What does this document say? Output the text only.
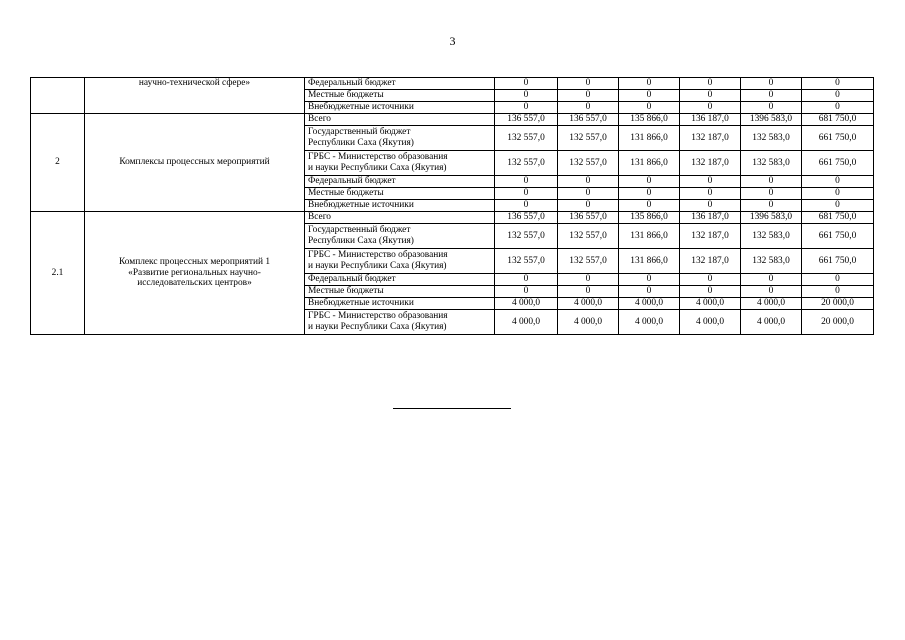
3
	научно-технической сфере»	Федеральный бюджет	0	0	0	0	0	0
		Местные бюджеты	0	0	0	0	0	0
		Внебюджетные источники	0	0	0	0	0	0
2	Комплексы процессных мероприятий	Всего	136 557,0	136 557,0	135 866,0	136 187,0	1396 583,0	681 750,0

		Государственный бюджет
Республики Саха (Якутия)	132 557,0	132 557,0	131 866,0	132 187,0	132 583,0	661 750,0

		ГРБС - Министерство образования
и науки Республики Саха (Якутия)	132 557,0	132 557,0	131 866,0	132 187,0	132 583,0	661 750,0
		Федеральный бюджет	0	0	0	0	0	0
		Местные бюджеты	0	0	0	0	0	0
		Внебюджетные источники	0	0	0	0	0	0
2.1	Комплекс процессных мероприятий 1
«Развитие региональных научно-
исследовательских центров»	Всего	136 557,0	136 557,0	135 866,0	136 187,0	1396 583,0	681 750,0

		Государственный бюджет
Республики Саха (Якутия)	132 557,0	132 557,0	131 866,0	132 187,0	132 583,0	661 750,0

		ГРБС - Министерство образования
и науки Республики Саха (Якутия)	132 557,0	132 557,0	131 866,0	132 187,0	132 583,0	661 750,0
		Федеральный бюджет	0	0	0	0	0	0
		Местные бюджеты	0	0	0	0	0	0
		Внебюджетные источники	4 000,0	4 000,0	4 000,0	4 000,0	4 000,0	20 000,0

		ГРБС - Министерство образования
и науки Республики Саха (Якутия)	4 000,0	4 000,0	4 000,0	4 000,0	4 000,0	20 000,0
